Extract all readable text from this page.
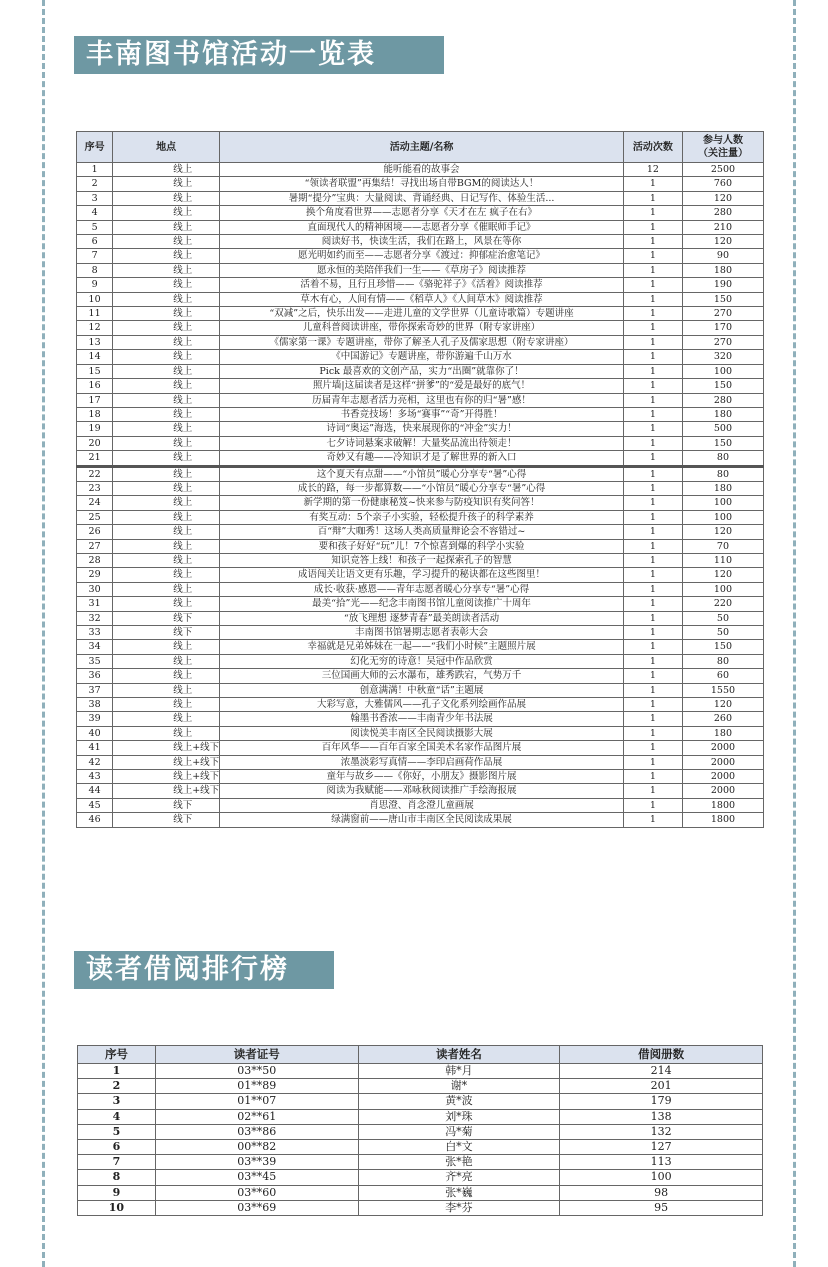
丰南图书馆活动一览表
序号	地点	活动主题/名称	活动次数	参与人数
（关注量）
1	线上	能听能看的故事会	12	2500
2	线上	“领读者联盟”再集结！寻找出场自带BGM的阅读达人！	1	760
3	线上	暑期“提分”宝典：大量阅读、背诵经典、日记写作、体验生活...	1	120
4	线上	换个角度看世界——志愿者分享《天才在左 疯子在右》	1	280
5	线上	直面现代人的精神困境——志愿者分享《催眠师手记》	1	210
6	线上	阅读好书，快读生活，我们在路上，风景在等你	1	120
7	线上	愿光明如约而至——志愿者分享《渡过：抑郁症治愈笔记》	1	90
8	线上	愿永恒的美陪伴我们一生——《草房子》阅读推荐	1	180
9	线上	活着不易，且行且珍惜——《骆驼祥子》《活着》阅读推荐	1	190
10	线上	草木有心，人间有情——《稻草人》《人间草木》阅读推荐	1	150
11	线上	“双减”之后，快乐出发——走进儿童的文学世界（儿童诗歌篇）专题讲座	1	270
12	线上	儿童科普阅读讲座，带你探索奇妙的世界（附专家讲座）	1	170
13	线上	《儒家第一课》专题讲座，带你了解圣人孔子及儒家思想（附专家讲座）	1	270
14	线上	《中国游记》专题讲座，带你游遍千山万水	1	320
15	线上	Pick 最喜欢的文创产品，实力“出圈”就靠你了！	1	100
16	线上	照片墙|这届读者是这样“拼爹”的“爱是最好的底气！	1	150
17	线上	历届青年志愿者活力亮相，这里也有你的归“暑”感！	1	280
18	线上	书香竞技场！多场“赛事”“奇”开得胜！	1	180
19	线上	诗词“奥运”海选，快来展现你的“冲金”实力！	1	500
20	线上	七夕诗词悬案求破解！大量奖品流出待领走！	1	150
21	线上	奇妙又有趣——冷知识才是了解世界的新入口	1	80
22	线上	这个夏天有点甜——“小馆员”暖心分享专“暑”心得	1	80
23	线上	成长的路，每一步都算数——“小馆员”暖心分享专“暑”心得	1	180
24	线上	新学期的第一份健康秘笈~快来参与防疫知识有奖问答！	1	100
25	线上	有奖互动：5个亲子小实验，轻松提升孩子的科学素养	1	100
26	线上	百“辩”大咖秀！这场人类高质量辩论会不容错过~	1	120
27	线上	要和孩子好好“玩”儿！7个惊喜到爆的科学小实验	1	70
28	线上	知识竞答上线！和孩子一起探索孔子的智慧	1	110
29	线上	成语闯关让语文更有乐趣，学习提升的秘诀都在这些图里！	1	120
30	线上	成长·收获·感恩——青年志愿者暖心分享专“暑”心得	1	100
31	线上	最美“拾”光——纪念丰南图书馆儿童阅读推广十周年	1	220
32	线下	“放飞理想 逐梦青春”最美朗读者活动	1	50
33	线下	丰南图书馆暑期志愿者表彰大会	1	50
34	线上	幸福就是兄弟姊妹在一起——“我们小时候”主题照片展	1	150
35	线上	幻化无穷的诗意！吴冠中作品欣赏	1	80
36	线上	三位国画大师的云水瀑布，雄秀跌宕，气势万千	1	60
37	线上	创意满满！中秋童“话”主题展	1	1550
38	线上	大彩写意，大雅儒风——孔子文化系列绘画作品展	1	120
39	线上	翰墨书香浓——丰南青少年书法展	1	260
40	线上	阅读悦美丰南区全民阅读摄影大展	1	180
41	线上+线下	百年风华——百年百家全国美术名家作品图片展	1	2000
42	线上+线下	浓墨淡彩写真情——李印启画荷作品展	1	2000
43	线上+线下	童年与故乡——《你好，小朋友》摄影图片展	1	2000
44	线上+线下	阅读为我赋能——邓咏秋阅读推广手绘海报展	1	2000
45	线下	肖思澄、肖念澄儿童画展	1	1800
46	线下	绿满窗前——唐山市丰南区全民阅读成果展	1	1800
读者借阅排行榜
序号	读者证号	读者姓名	借阅册数
1	03**50	韩*月	214
2	01**89	谢*	201
3	01**07	黄*波	179
4	02**61	刘*珠	138
5	03**86	冯*菊	132
6	00**82	白*文	127
7	03**39	张*艳	113
8	03**45	齐*亮	100
9	03**60	张*巍	98
10	03**69	李*芬	95
